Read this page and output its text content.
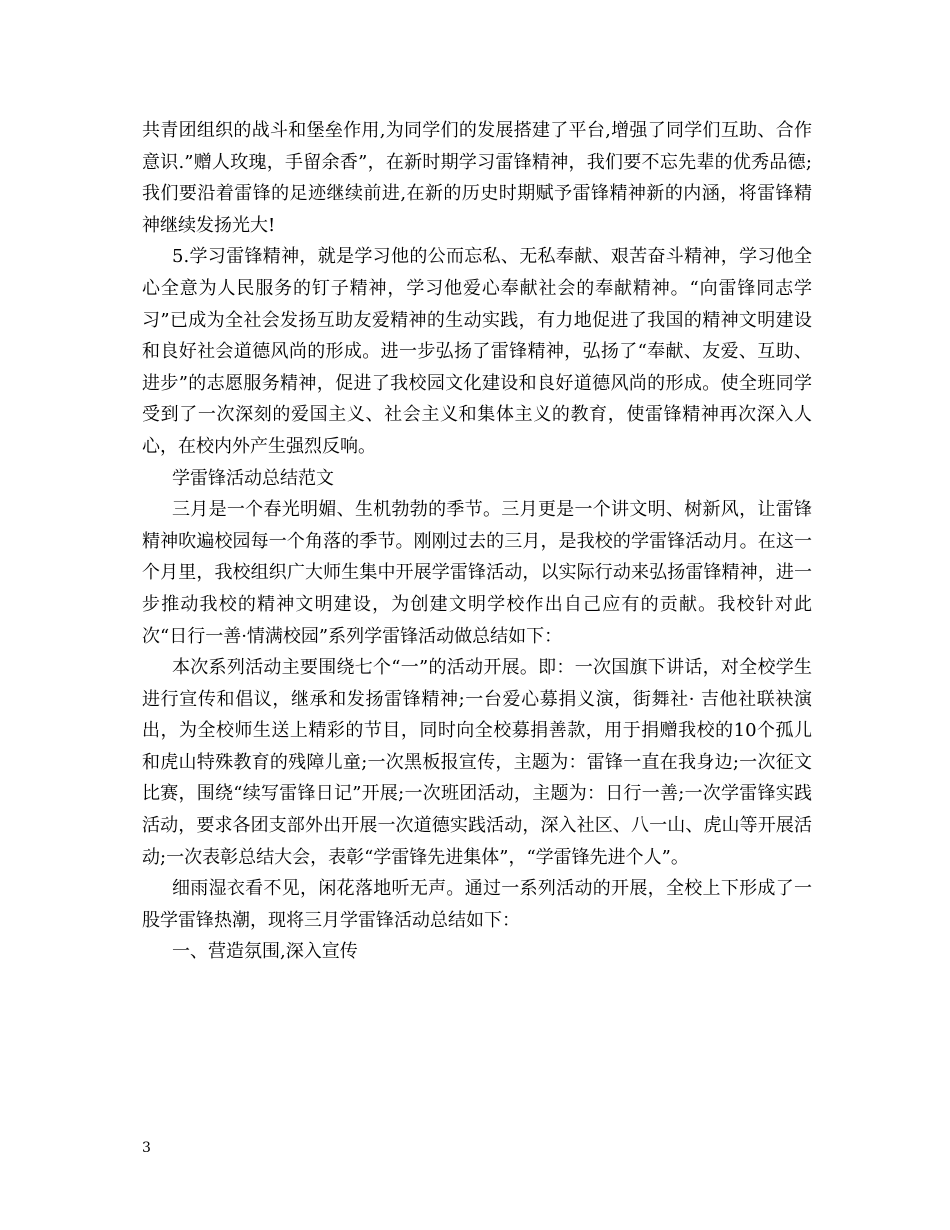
共青团组织的战斗和堡垒作用,为同学们的发展搭建了平台,增强了同学们互助、合作意识.”赠人玫瑰，手留余香”，在新时期学习雷锋精神，我们要不忘先辈的优秀品德;我们要沿着雷锋的足迹继续前进,在新的历史时期赋予雷锋精神新的内涵，将雷锋精神继续发扬光大!

5.学习雷锋精神，就是学习他的公而忘私、无私奉献、艰苦奋斗精神，学习他全心全意为人民服务的钉子精神，学习他爱心奉献社会的奉献精神。“向雷锋同志学习”已成为全社会发扬互助友爱精神的生动实践，有力地促进了我国的精神文明建设和良好社会道德风尚的形成。进一步弘扬了雷锋精神，弘扬了“奉献、友爱、互助、进步”的志愿服务精神，促进了我校园文化建设和良好道德风尚的形成。使全班同学受到了一次深刻的爱国主义、社会主义和集体主义的教育，使雷锋精神再次深入人心，在校内外产生强烈反响。

学雷锋活动总结范文

三月是一个春光明媚、生机勃勃的季节。三月更是一个讲文明、树新风，让雷锋精神吹遍校园每一个角落的季节。刚刚过去的三月，是我校的学雷锋活动月。在这一个月里，我校组织广大师生集中开展学雷锋活动，以实际行动来弘扬雷锋精神，进一步推动我校的精神文明建设，为创建文明学校作出自己应有的贡献。我校针对此次“日行一善·情满校园”系列学雷锋活动做总结如下：

本次系列活动主要围绕七个“一”的活动开展。即：一次国旗下讲话，对全校学生进行宣传和倡议，继承和发扬雷锋精神;一台爱心募捐义演，街舞社· 吉他社联袂演出，为全校师生送上精彩的节目，同时向全校募捐善款，用于捐赠我校的10个孤儿和虎山特殊教育的残障儿童;一次黑板报宣传，主题为：雷锋一直在我身边;一次征文比赛，围绕“续写雷锋日记”开展;一次班团活动，主题为：日行一善;一次学雷锋实践活动，要求各团支部外出开展一次道德实践活动，深入社区、八一山、虎山等开展活动;一次表彰总结大会，表彰“学雷锋先进集体”，“学雷锋先进个人”。

细雨湿衣看不见，闲花落地听无声。通过一系列活动的开展，全校上下形成了一股学雷锋热潮，现将三月学雷锋活动总结如下：

一、营造氛围,深入宣传

3
